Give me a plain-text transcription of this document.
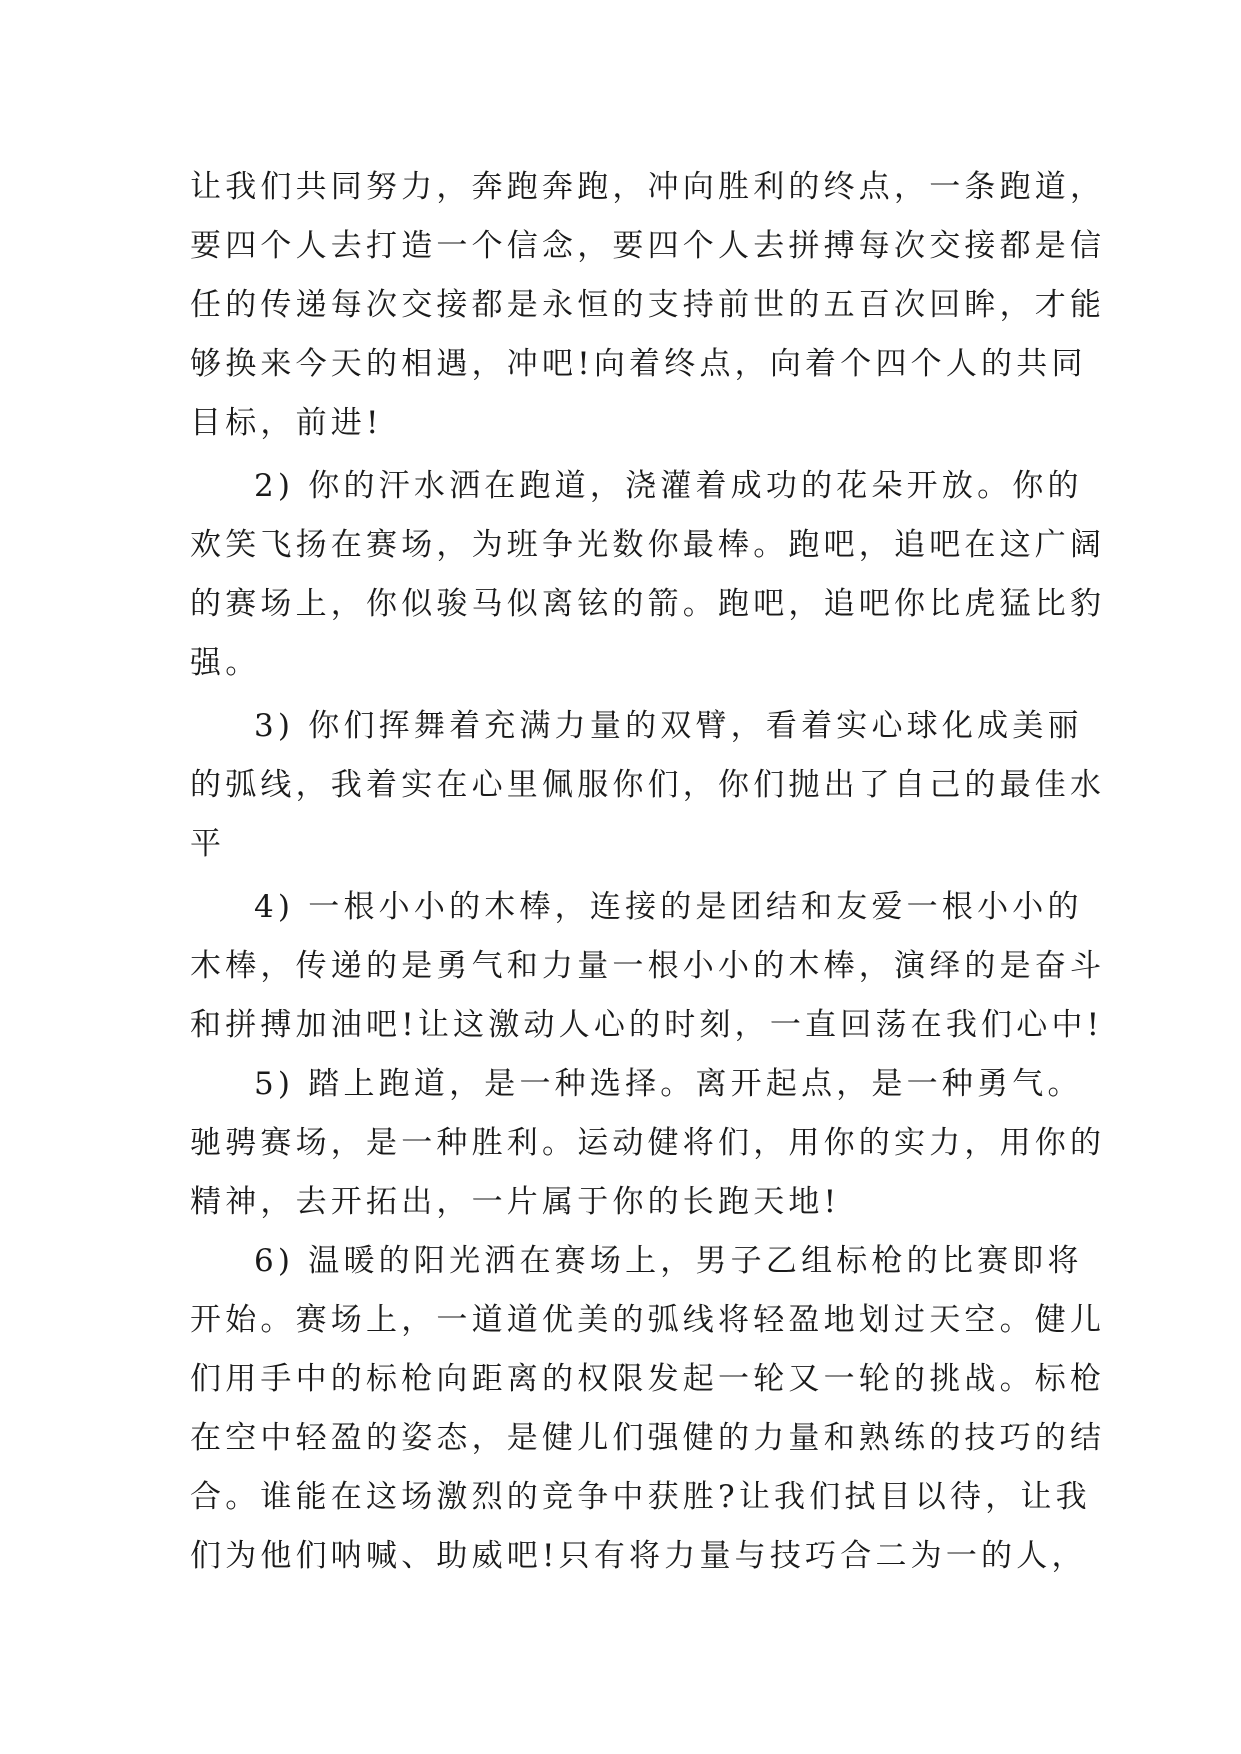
让我们共同努力，奔跑奔跑，冲向胜利的终点，一条跑道，
要四个人去打造一个信念，要四个人去拼搏每次交接都是信
任的传递每次交接都是永恒的支持前世的五百次回眸，才能
够换来今天的相遇，冲吧!向着终点，向着个四个人的共同
目标，前进!

2) 你的汗水洒在跑道，浇灌着成功的花朵开放。你的
欢笑飞扬在赛场，为班争光数你最棒。跑吧，追吧在这广阔
的赛场上，你似骏马似离铉的箭。跑吧，追吧你比虎猛比豹
强。

3) 你们挥舞着充满力量的双臂，看着实心球化成美丽
的弧线，我着实在心里佩服你们，你们抛出了自己的最佳水
平

4) 一根小小的木棒，连接的是团结和友爱一根小小的
木棒，传递的是勇气和力量一根小小的木棒，演绎的是奋斗
和拼搏加油吧!让这激动人心的时刻，一直回荡在我们心中!

5) 踏上跑道，是一种选择。离开起点，是一种勇气。
驰骋赛场，是一种胜利。运动健将们，用你的实力，用你的
精神，去开拓出，一片属于你的长跑天地!

6) 温暖的阳光洒在赛场上，男子乙组标枪的比赛即将
开始。赛场上，一道道优美的弧线将轻盈地划过天空。健儿
们用手中的标枪向距离的权限发起一轮又一轮的挑战。标枪
在空中轻盈的姿态，是健儿们强健的力量和熟练的技巧的结
合。谁能在这场激烈的竞争中获胜?让我们拭目以待，让我
们为他们呐喊、助威吧!只有将力量与技巧合二为一的人，
